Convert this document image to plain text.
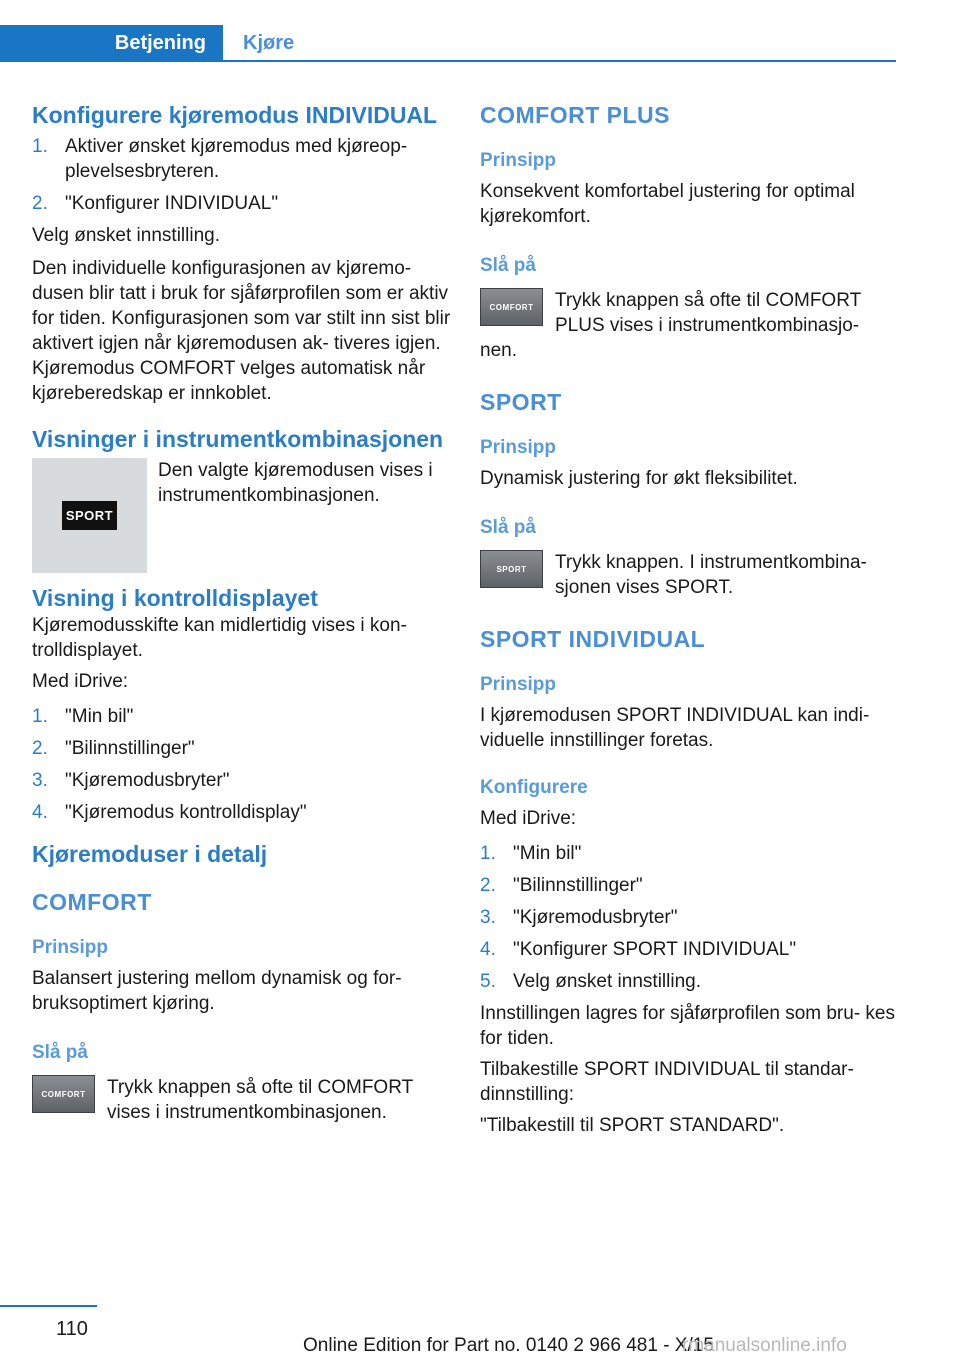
Betjening	Kjøre
Konfigurere kjøremodus INDIVIDUAL
1. Aktiver ønsket kjøremodus med kjøreop‐ plevelsesbryteren.
2. "Konfigurer INDIVIDUAL"

Velg ønsket innstilling.

Den individuelle konfigurasjonen av kjøremo‐ dusen blir tatt i bruk for sjåførprofilen som er aktiv for tiden. Konfigurasjonen som var stilt inn sist blir aktivert igjen når kjøremodusen ak‐ tiveres igjen. Kjøremodus COMFORT velges automatisk når kjøreberedskap er innkoblet.

Visninger i instrumentkombinasjonen
SPORT

Den valgte kjøremodusen vises i instrumentkombinasjonen.

Visning i kontrolldisplayet

Kjøremodusskifte kan midlertidig vises i kon‐ trolldisplayet.

Med iDrive:

1. "Min bil"
2. "Bilinnstillinger"
3. "Kjøremodusbryter"
4. "Kjøremodus kontrolldisplay"
Kjøremoduser i detalj
COMFORT
Prinsipp

Balansert justering mellom dynamisk og for‐ bruksoptimert kjøring.

Slå på
COMFORT	Trykk knappen så ofte til COMFORT vises i instrumentkombinasjonen.

COMFORT PLUS
Prinsipp

Konsekvent komfortabel justering for optimal kjørekomfort.

Slå på
COMFORT	Trykk knappen så ofte til COMFORT PLUS vises i instrumentkombinasjo‐

nen.

SPORT
Prinsipp

Dynamisk justering for økt fleksibilitet.

Slå på
SPORT	Trykk knappen. I instrumentkombina‐ sjonen vises SPORT.

SPORT INDIVIDUAL
Prinsipp

I kjøremodusen SPORT INDIVIDUAL kan indi‐ viduelle innstillinger foretas.

Konfigurere

Med iDrive:

1. "Min bil"
2. "Bilinnstillinger"
3. "Kjøremodusbryter"
4. "Konfigurer SPORT INDIVIDUAL"
5. Velg ønsket innstilling.

Innstillingen lagres for sjåførprofilen som bru‐ kes for tiden.

Tilbakestille SPORT INDIVIDUAL til standar‐ dinnstilling:

"Tilbakestill til SPORT STANDARD".

110
Online Edition for Part no. 0140 2 966 481 - X/15
rmanualsonline.info
